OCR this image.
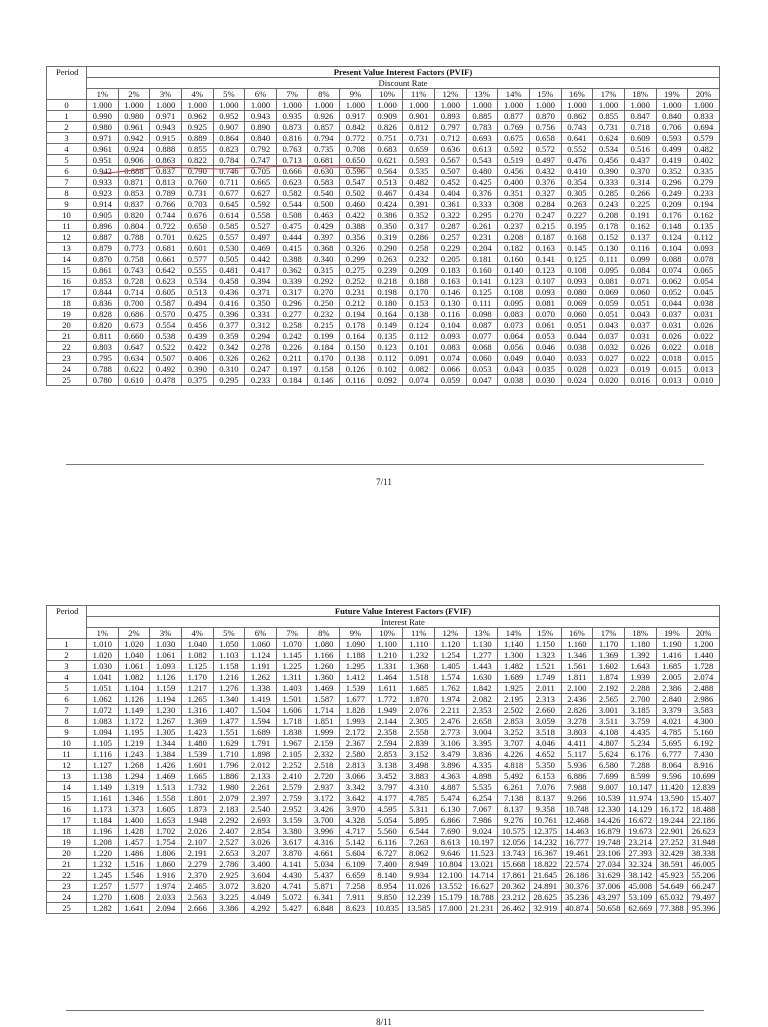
Period	Present Value Interest Factors (PVIF)																			
	Discount Rate																			
	1%	2%	3%	4%	5%	6%	7%	8%	9%	10%	11%	12%	13%	14%	15%	16%	17%	18%	19%	20%
0	1.000	1.000	1.000	1.000	1.000	1.000	1.000	1.000	1.000	1.000	1.000	1.000	1.000	1.000	1.000	1.000	1.000	1.000	1.000	1.000
1	0.990	0.980	0.971	0.962	0.952	0.943	0.935	0.926	0.917	0.909	0.901	0.893	0.885	0.877	0.870	0.862	0.855	0.847	0.840	0.833
2	0.980	0.961	0.943	0.925	0.907	0.890	0.873	0.857	0.842	0.826	0.812	0.797	0.783	0.769	0.756	0.743	0.731	0.718	0.706	0.694
3	0.971	0.942	0.915	0.889	0.864	0.840	0.816	0.794	0.772	0.751	0.731	0.712	0.693	0.675	0.658	0.641	0.624	0.609	0.593	0.579
4	0.961	0.924	0.888	0.855	0.823	0.792	0.763	0.735	0.708	0.683	0.659	0.636	0.613	0.592	0.572	0.552	0.534	0.516	0.499	0.482
5	0.951	0.906	0.863	0.822	0.784	0.747	0.713	0.681	0.650	0.621	0.593	0.567	0.543	0.519	0.497	0.476	0.456	0.437	0.419	0.402
6	0.942	0.888	0.837	0.790	0.746	0.705	0.666	0.630	0.596	0.564	0.535	0.507	0.480	0.456	0.432	0.410	0.390	0.370	0.352	0.335
7	0.933	0.871	0.813	0.760	0.711	0.665	0.623	0.583	0.547	0.513	0.482	0.452	0.425	0.400	0.376	0.354	0.333	0.314	0.296	0.279
8	0.923	0.853	0.789	0.731	0.677	0.627	0.582	0.540	0.502	0.467	0.434	0.404	0.376	0.351	0.327	0.305	0.285	0.266	0.249	0.233
9	0.914	0.837	0.766	0.703	0.645	0.592	0.544	0.500	0.460	0.424	0.391	0.361	0.333	0.308	0.284	0.263	0.243	0.225	0.209	0.194
10	0.905	0.820	0.744	0.676	0.614	0.558	0.508	0.463	0.422	0.386	0.352	0.322	0.295	0.270	0.247	0.227	0.208	0.191	0.176	0.162
11	0.896	0.804	0.722	0.650	0.585	0.527	0.475	0.429	0.388	0.350	0.317	0.287	0.261	0.237	0.215	0.195	0.178	0.162	0.148	0.135
12	0.887	0.788	0.701	0.625	0.557	0.497	0.444	0.397	0.356	0.319	0.286	0.257	0.231	0.208	0.187	0.168	0.152	0.137	0.124	0.112
13	0.879	0.773	0.681	0.601	0.530	0.469	0.415	0.368	0.326	0.290	0.258	0.229	0.204	0.182	0.163	0.145	0.130	0.116	0.104	0.093
14	0.870	0.758	0.661	0.577	0.505	0.442	0.388	0.340	0.299	0.263	0.232	0.205	0.181	0.160	0.141	0.125	0.111	0.099	0.088	0.078
15	0.861	0.743	0.642	0.555	0.481	0.417	0.362	0.315	0.275	0.239	0.209	0.183	0.160	0.140	0.123	0.108	0.095	0.084	0.074	0.065
16	0.853	0.728	0.623	0.534	0.458	0.394	0.339	0.292	0.252	0.218	0.188	0.163	0.141	0.123	0.107	0.093	0.081	0.071	0.062	0.054
17	0.844	0.714	0.605	0.513	0.436	0.371	0.317	0.270	0.231	0.198	0.170	0.146	0.125	0.108	0.093	0.080	0.069	0.060	0.052	0.045
18	0.836	0.700	0.587	0.494	0.416	0.350	0.296	0.250	0.212	0.180	0.153	0.130	0.111	0.095	0.081	0.069	0.059	0.051	0.044	0.038
19	0.828	0.686	0.570	0.475	0.396	0.331	0.277	0.232	0.194	0.164	0.138	0.116	0.098	0.083	0.070	0.060	0.051	0.043	0.037	0.031
20	0.820	0.673	0.554	0.456	0.377	0.312	0.258	0.215	0.178	0.149	0.124	0.104	0.087	0.073	0.061	0.051	0.043	0.037	0.031	0.026
21	0.811	0.660	0.538	0.439	0.359	0.294	0.242	0.199	0.164	0.135	0.112	0.093	0.077	0.064	0.053	0.044	0.037	0.031	0.026	0.022
22	0.803	0.647	0.522	0.422	0.342	0.278	0.226	0.184	0.150	0.123	0.101	0.083	0.068	0.056	0.046	0.038	0.032	0.026	0.022	0.018
23	0.795	0.634	0.507	0.406	0.326	0.262	0.211	0.170	0.138	0.112	0.091	0.074	0.060	0.049	0.040	0.033	0.027	0.022	0.018	0.015
24	0.788	0.622	0.492	0.390	0.310	0.247	0.197	0.158	0.126	0.102	0.082	0.066	0.053	0.043	0.035	0.028	0.023	0.019	0.015	0.013
25	0.780	0.610	0.478	0.375	0.295	0.233	0.184	0.146	0.116	0.092	0.074	0.059	0.047	0.038	0.030	0.024	0.020	0.016	0.013	0.010
7/11
Period	Future Value Interest Factors (FVIF)																			
	Interest Rate																			
	1%	2%	3%	4%	5%	6%	7%	8%	9%	10%	11%	12%	13%	14%	15%	16%	17%	18%	19%	20%
1	1.010	1.020	1.030	1.040	1.050	1.060	1.070	1.080	1.090	1.100	1.110	1.120	1.130	1.140	1.150	1.160	1.170	1.180	1.190	1.200
2	1.020	1.040	1.061	1.082	1.103	1.124	1.145	1.166	1.188	1.210	1.232	1.254	1.277	1.300	1.323	1.346	1.369	1.392	1.416	1.440
3	1.030	1.061	1.093	1.125	1.158	1.191	1.225	1.260	1.295	1.331	1.368	1.405	1.443	1.482	1.521	1.561	1.602	1.643	1.685	1.728
4	1.041	1.082	1.126	1.170	1.216	1.262	1.311	1.360	1.412	1.464	1.518	1.574	1.630	1.689	1.749	1.811	1.874	1.939	2.005	2.074
5	1.051	1.104	1.159	1.217	1.276	1.338	1.403	1.469	1.539	1.611	1.685	1.762	1.842	1.925	2.011	2.100	2.192	2.288	2.386	2.488
6	1.062	1.126	1.194	1.265	1.340	1.419	1.501	1.587	1.677	1.772	1.870	1.974	2.082	2.195	2.313	2.436	2.565	2.700	2.840	2.986
7	1.072	1.149	1.230	1.316	1.407	1.504	1.606	1.714	1.828	1.949	2.076	2.211	2.353	2.502	2.660	2.826	3.001	3.185	3.379	3.583
8	1.083	1.172	1.267	1.369	1.477	1.594	1.718	1.851	1.993	2.144	2.305	2.476	2.658	2.853	3.059	3.278	3.511	3.759	4.021	4.300
9	1.094	1.195	1.305	1.423	1.551	1.689	1.838	1.999	2.172	2.358	2.558	2.773	3.004	3.252	3.518	3.803	4.108	4.435	4.785	5.160
10	1.105	1.219	1.344	1.480	1.629	1.791	1.967	2.159	2.367	2.594	2.839	3.106	3.395	3.707	4.046	4.411	4.807	5.234	5.695	6.192
11	1.116	1.243	1.384	1.539	1.710	1.898	2.105	2.332	2.580	2.853	3.152	3.479	3.836	4.226	4.652	5.117	5.624	6.176	6.777	7.430
12	1.127	1.268	1.426	1.601	1.796	2.012	2.252	2.518	2.813	3.138	3.498	3.896	4.335	4.818	5.350	5.936	6.580	7.288	8.064	8.916
13	1.138	1.294	1.469	1.665	1.886	2.133	2.410	2.720	3.066	3.452	3.883	4.363	4.898	5.492	6.153	6.886	7.699	8.599	9.596	10.699
14	1.149	1.319	1.513	1.732	1.980	2.261	2.579	2.937	3.342	3.797	4.310	4.887	5.535	6.261	7.076	7.988	9.007	10.147	11.420	12.839
15	1.161	1.346	1.558	1.801	2.079	2.397	2.759	3.172	3.642	4.177	4.785	5.474	6.254	7.138	8.137	9.266	10.539	11.974	13.590	15.407
16	1.173	1.373	1.605	1.873	2.183	2.540	2.952	3.426	3.970	4.595	5.311	6.130	7.067	8.137	9.358	10.748	12.330	14.129	16.172	18.488
17	1.184	1.400	1.653	1.948	2.292	2.693	3.159	3.700	4.328	5.054	5.895	6.866	7.986	9.276	10.761	12.468	14.426	16.672	19.244	22.186
18	1.196	1.428	1.702	2.026	2.407	2.854	3.380	3.996	4.717	5.560	6.544	7.690	9.024	10.575	12.375	14.463	16.879	19.673	22.901	26.623
19	1.208	1.457	1.754	2.107	2.527	3.026	3.617	4.316	5.142	6.116	7.263	8.613	10.197	12.056	14.232	16.777	19.748	23.214	27.252	31.948
20	1.220	1.486	1.806	2.191	2.653	3.207	3.870	4.661	5.604	6.727	8.062	9.646	11.523	13.743	16.367	19.461	23.106	27.393	32.429	38.338
21	1.232	1.516	1.860	2.279	2.786	3.400	4.141	5.034	6.109	7.400	8.949	10.804	13.021	15.668	18.822	22.574	27.034	32.324	38.591	46.005
22	1.245	1.546	1.916	2.370	2.925	3.604	4.430	5.437	6.659	8.140	9.934	12.100	14.714	17.861	21.645	26.186	31.629	38.142	45.923	55.206
23	1.257	1.577	1.974	2.465	3.072	3.820	4.741	5.871	7.258	8.954	11.026	13.552	16.627	20.362	24.891	30.376	37.006	45.008	54.649	66.247
24	1.270	1.608	2.033	2.563	3.225	4.049	5.072	6.341	7.911	9.850	12.239	15.179	18.788	23.212	28.625	35.236	43.297	53.109	65.032	79.497
25	1.282	1.641	2.094	2.666	3.386	4.292	5.427	6.848	8.623	10.835	13.585	17.000	21.231	26.462	32.919	40.874	50.658	62.669	77.388	95.396
8/11
